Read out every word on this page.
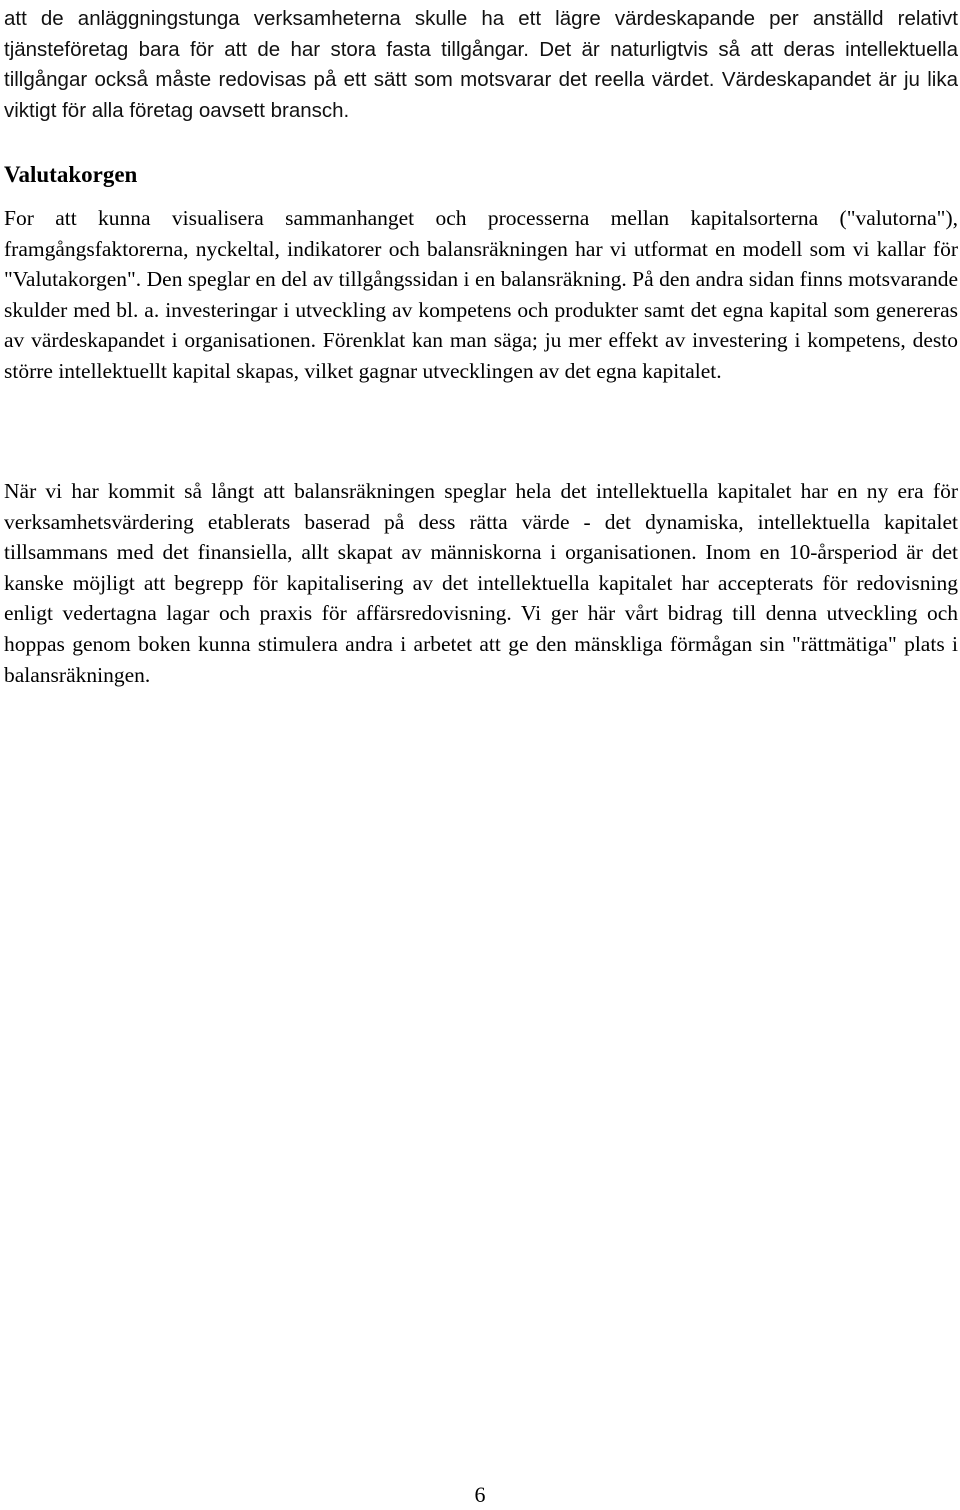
att de anläggningstunga verksamheterna skulle ha ett lägre värdeskapande per anställd relativt tjänsteföretag bara för att de har stora fasta tillgångar. Det är naturligtvis så att deras intellektuella tillgångar också måste redovisas på ett sätt som motsvarar det reella värdet. Värdeskapandet är ju lika viktigt för alla företag oavsett bransch.

Valutakorgen

For att kunna visualisera sammanhanget och processerna mellan kapitalsorterna ("valutorna"), framgångsfaktorerna, nyckeltal, indikatorer och balansräkningen har vi utformat en modell som vi kallar för "Valutakorgen". Den speglar en del av tillgångssidan i en balansräkning. På den andra sidan finns motsvarande skulder med bl. a. investeringar i utveckling av kompetens och produkter samt det egna kapital som genereras av värdeskapandet i organisationen. Förenklat kan man säga; ju mer effekt av investering i kompetens, desto större intellektuellt kapital skapas, vilket gagnar utvecklingen av det egna kapitalet.

När vi har kommit så långt att balansräkningen speglar hela det intellektuella kapitalet har en ny era för verksamhetsvärdering etablerats baserad på dess rätta värde - det dynamiska, intellektuella kapitalet tillsammans med det finansiella, allt skapat av människorna i organisationen. Inom en 10-årsperiod är det kanske möjligt att begrepp för kapitalisering av det intellektuella kapitalet har accepterats för redovisning enligt vedertagna lagar och praxis för affärsredovisning. Vi ger här vårt bidrag till denna utveckling och hoppas genom boken kunna stimulera andra i arbetet att ge den mänskliga förmågan sin "rättmätiga" plats i balansräkningen.

6
